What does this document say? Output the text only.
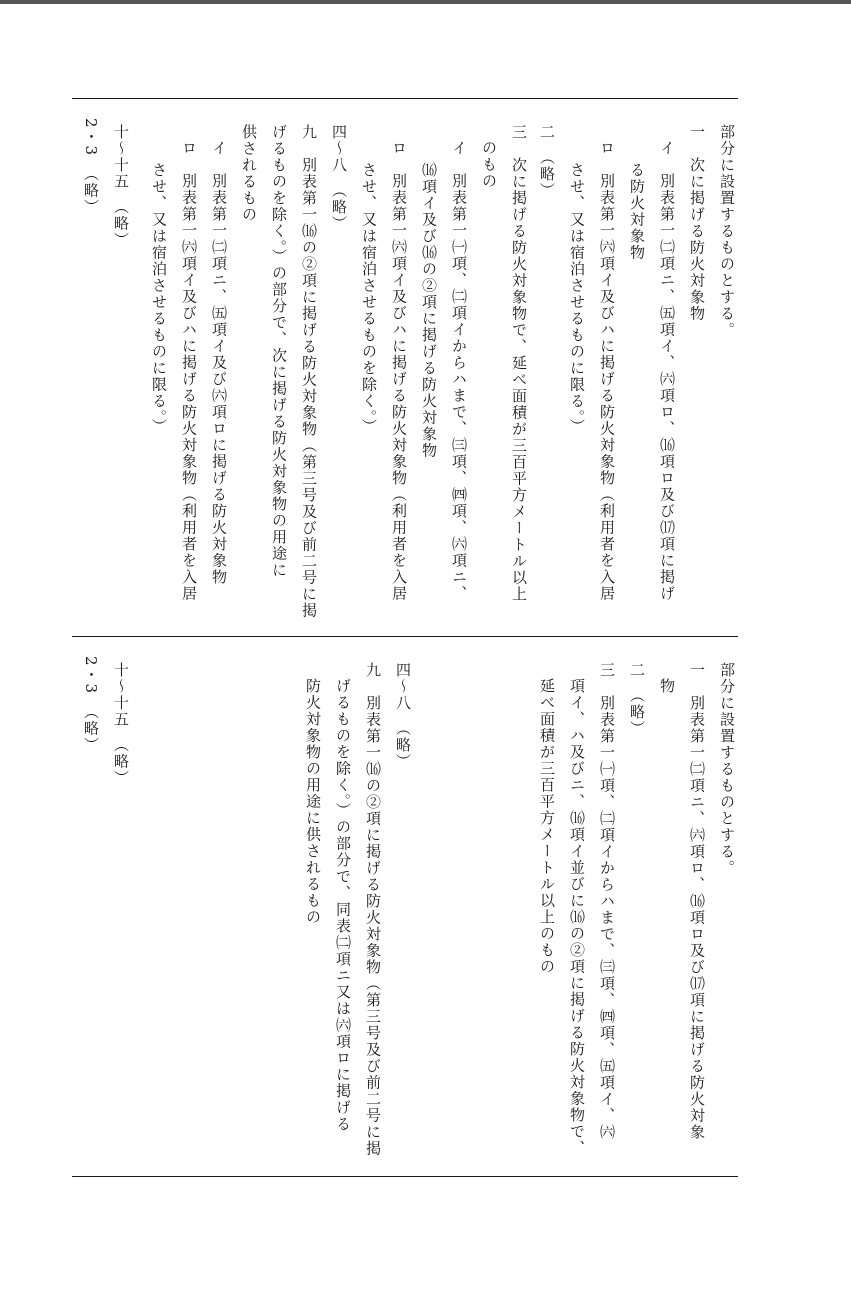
部分に設置するものとする。
一　次に掲げる防火対象物
イ　別表第一㈡項ニ、㈤項イ、㈥項ロ、⒃項ロ及び⒄項に掲げ
る防火対象物
ロ　別表第一㈥項イ及びハに掲げる防火対象物（利用者を入居
させ、又は宿泊させるものに限る。）
二　（略）
三　次に掲げる防火対象物で、延べ面積が三百平方メートル以上
のもの
イ　別表第一㈠項、㈡項イからハまで、㈢項、㈣項、㈥項ニ、
⒃項イ及び⒃の②項に掲げる防火対象物
ロ　別表第一㈥項イ及びハに掲げる防火対象物（利用者を入居
させ、又は宿泊させるものを除く。）
四〜八　（略）
九　別表第一⒃の②項に掲げる防火対象物（第三号及び前二号に掲
げるものを除く。）の部分で、次に掲げる防火対象物の用途に
供されるもの
イ　別表第一㈡項ニ、㈤項イ及び㈥項ロに掲げる防火対象物
ロ　別表第一㈥項イ及びハに掲げる防火対象物（利用者を入居
させ、又は宿泊させるものに限る。）
十〜十五　（略）
2・3　（略）
部分に設置するものとする。
一　別表第一㈡項ニ、㈥項ロ、⒃項ロ及び⒄項に掲げる防火対象
物
二　（略）
三　別表第一㈠項、㈡項イからハまで、㈢項、㈣項、㈤項イ、㈥
項イ、ハ及びニ、⒃項イ並びに⒃の②項に掲げる防火対象物で、
延べ面積が三百平方メートル以上のもの
四〜八　（略）
九　別表第一⒃の②項に掲げる防火対象物（第三号及び前二号に掲
げるものを除く。）の部分で、同表㈡項ニ又は㈥項ロに掲げる
防火対象物の用途に供されるもの
十〜十五　（略）
2・3　（略）
